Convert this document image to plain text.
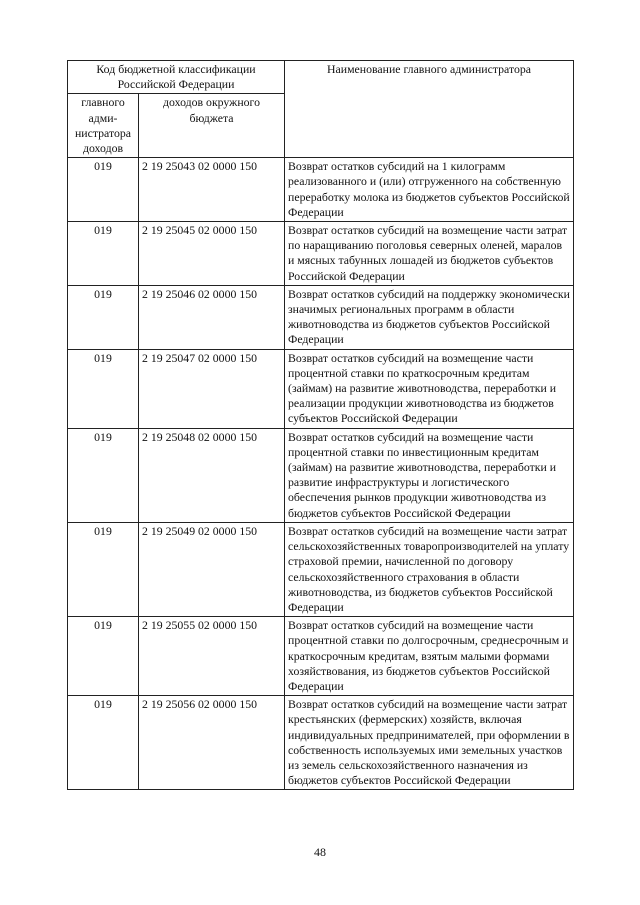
Код бюджетной классификации Российской Федерации		Наименование главного администратора
главного адми-нистратора доходов	доходов окружного бюджета	
019	2 19 25043 02 0000 150	Возврат остатков субсидий на 1 килограмм реализованного и (или) отгруженного на собственную переработку молока из бюджетов субъектов Российской Федерации
019	2 19 25045 02 0000 150	Возврат остатков субсидий на возмещение части затрат по наращиванию поголовья северных оленей, маралов и мясных табунных лошадей из бюджетов субъектов Российской Федерации
019	2 19 25046 02 0000 150	Возврат остатков субсидий на поддержку экономически значимых региональных программ в области животноводства из бюджетов субъектов Российской Федерации
019	2 19 25047 02 0000 150	Возврат остатков субсидий на возмещение части процентной ставки по краткосрочным кредитам (займам) на развитие животноводства, переработки и реализации продукции животноводства из бюджетов субъектов Российской Федерации
019	2 19 25048 02 0000 150	Возврат остатков субсидий на возмещение части процентной ставки по инвестиционным кредитам (займам) на развитие животноводства, переработки и развитие инфраструктуры и логистического обеспечения рынков продукции животноводства из бюджетов субъектов Российской Федерации
019	2 19 25049 02 0000 150	Возврат остатков субсидий на возмещение части затрат сельскохозяйственных товаропроизводителей на уплату страховой премии, начисленной по договору сельскохозяйственного страхования в области животноводства, из бюджетов субъектов Российской Федерации
019	2 19 25055 02 0000 150	Возврат остатков субсидий на возмещение части процентной ставки по долгосрочным, среднесрочным и краткосрочным кредитам, взятым малыми формами хозяйствования, из бюджетов субъектов Российской Федерации
019	2 19 25056 02 0000 150	Возврат остатков субсидий на возмещение части затрат крестьянских (фермерских) хозяйств, включая индивидуальных предпринимателей, при оформлении в собственность используемых ими земельных участков из земель сельскохозяйственного назначения из бюджетов субъектов Российской Федерации
48
